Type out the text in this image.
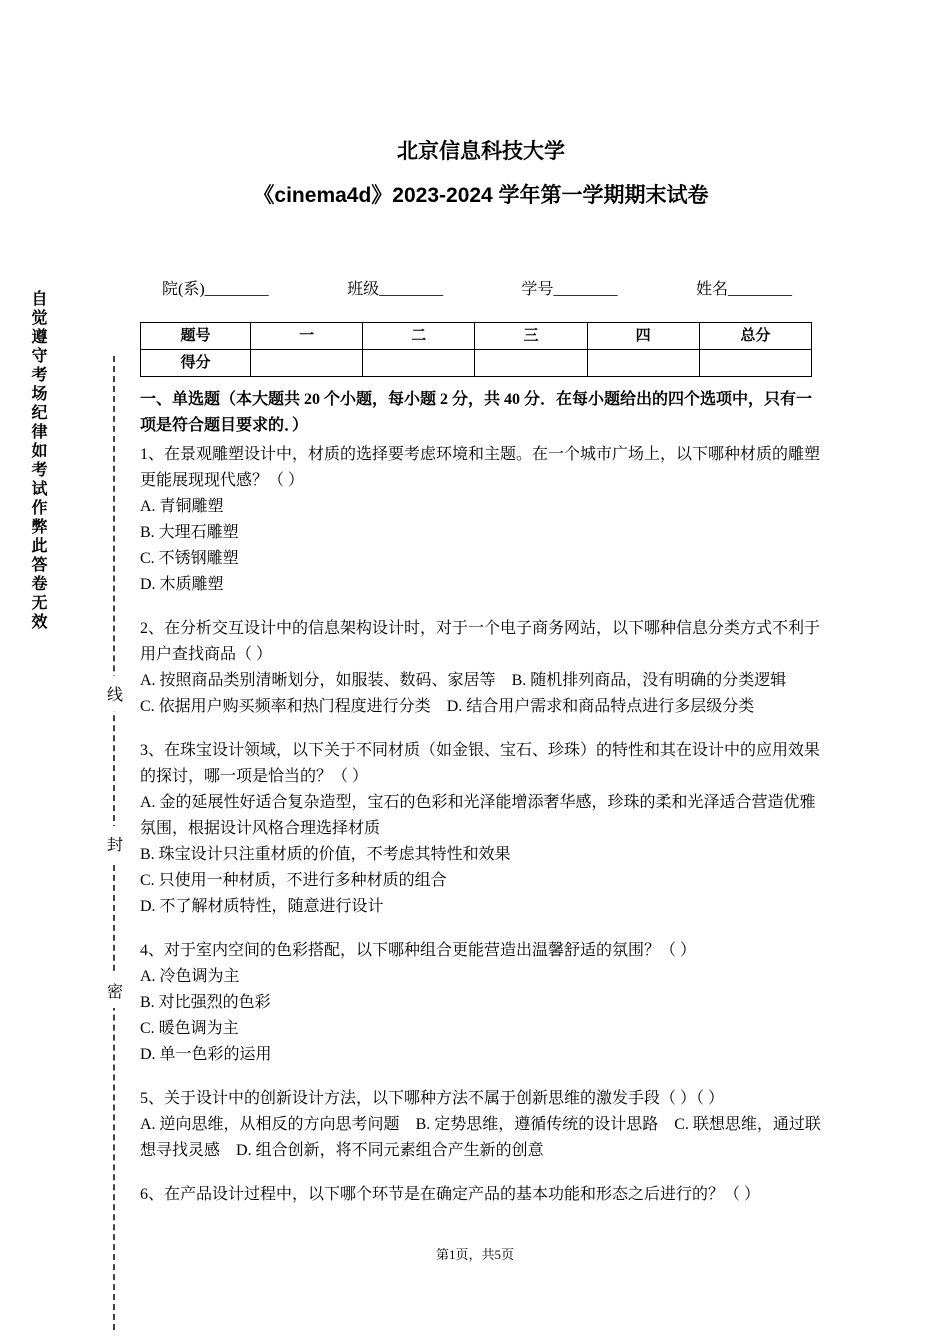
自觉遵守考场纪律如考试作弊此答卷无效
线
封
密
北京信息科技大学
《cinema4d》2023-2024 学年第一学期期末试卷
院(系)________	班级________	学号________	姓名________
题号	一	二	三	四	总分
得分					
一、单选题（本大题共 20 个小题，每小题 2 分，共 40 分．在每小题给出的四个选项中，只有一项是符合题目要求的．）
1、在景观雕塑设计中，材质的选择要考虑环境和主题。在一个城市广场上，以下哪种材质的雕塑更能展现现代感？（ ）
A. 青铜雕塑
B. 大理石雕塑
C. 不锈钢雕塑
D. 木质雕塑
2、在分析交互设计中的信息架构设计时，对于一个电子商务网站，以下哪种信息分类方式不利于用户查找商品（ ）
A. 按照商品类别清晰划分，如服装、数码、家居等 B. 随机排列商品，没有明确的分类逻辑C. 依据用户购买频率和热门程度进行分类 D. 结合用户需求和商品特点进行多层级分类
3、在珠宝设计领域，以下关于不同材质（如金银、宝石、珍珠）的特性和其在设计中的应用效果的探讨，哪一项是恰当的？（ ）
A. 金的延展性好适合复杂造型，宝石的色彩和光泽能增添奢华感，珍珠的柔和光泽适合营造优雅氛围，根据设计风格合理选择材质
B. 珠宝设计只注重材质的价值，不考虑其特性和效果
C. 只使用一种材质，不进行多种材质的组合
D. 不了解材质特性，随意进行设计
4、对于室内空间的色彩搭配，以下哪种组合更能营造出温馨舒适的氛围？（ ）
A. 冷色调为主
B. 对比强烈的色彩
C. 暖色调为主
D. 单一色彩的运用
5、关于设计中的创新设计方法，以下哪种方法不属于创新思维的激发手段（ ）（ ）
A. 逆向思维，从相反的方向思考问题 B. 定势思维，遵循传统的设计思路 C. 联想思维，通过联想寻找灵感 D. 组合创新，将不同元素组合产生新的创意
6、在产品设计过程中，以下哪个环节是在确定产品的基本功能和形态之后进行的？（ ）
第1页，共5页
